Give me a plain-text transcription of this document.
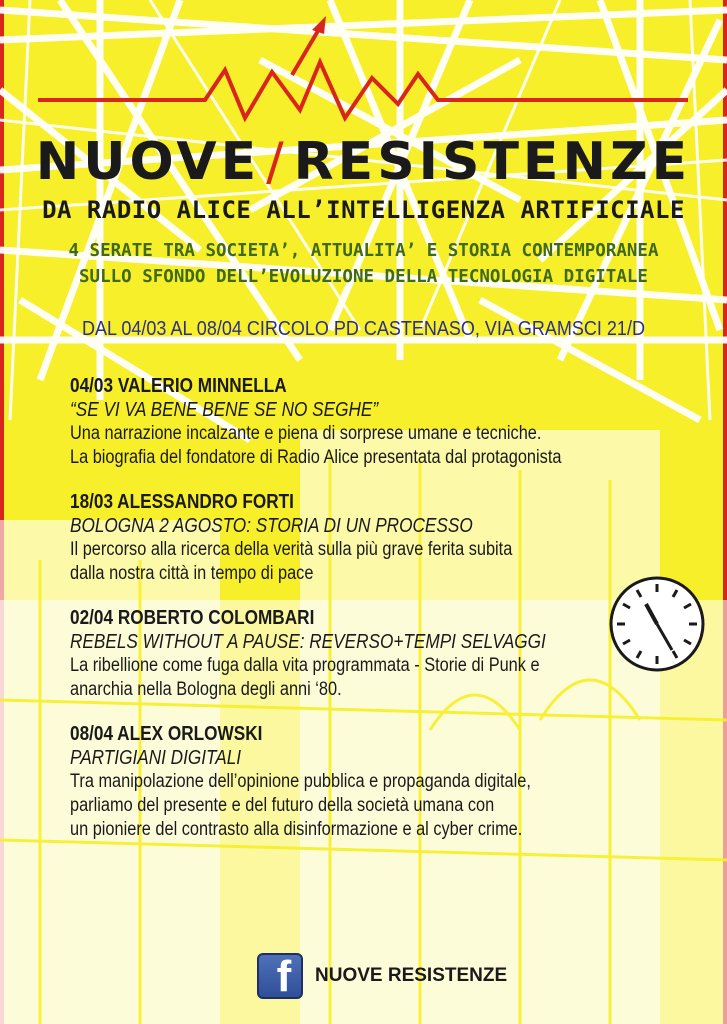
NUOVE / RESISTENZE
DA RADIO ALICE ALL’INTELLIGENZA ARTIFICIALE
4 SERATE TRA SOCIETA’, ATTUALITA’ E STORIA CONTEMPORANEA
SULLO SFONDO DELL’EVOLUZIONE DELLA TECNOLOGIA DIGITALE
DAL 04/03 AL 08/04 CIRCOLO PD CASTENASO, VIA GRAMSCI 21/D
04/03 VALERIO MINNELLA
“SE VI VA BENE BENE SE NO SEGHE”
Una narrazione incalzante e piena di sorprese umane e tecniche.
La biografia del fondatore di Radio Alice presentata dal protagonista
18/03 ALESSANDRO FORTI
BOLOGNA 2 AGOSTO: STORIA DI UN PROCESSO
Il percorso alla ricerca della verità sulla più grave ferita subita
dalla nostra città in tempo di pace
02/04 ROBERTO COLOMBARI
REBELS WITHOUT A PAUSE: REVERSO+TEMPI SELVAGGI
La ribellione come fuga dalla vita programmata - Storie di Punk e
anarchia nella Bologna degli anni ‘80.
08/04 ALEX ORLOWSKI
PARTIGIANI DIGITALI
Tra manipolazione dell’opinione pubblica e propaganda digitale,
parliamo del presente e del futuro della società umana con
un pioniere del contrasto alla disinformazione e al cyber crime.
f NUOVE RESISTENZE
